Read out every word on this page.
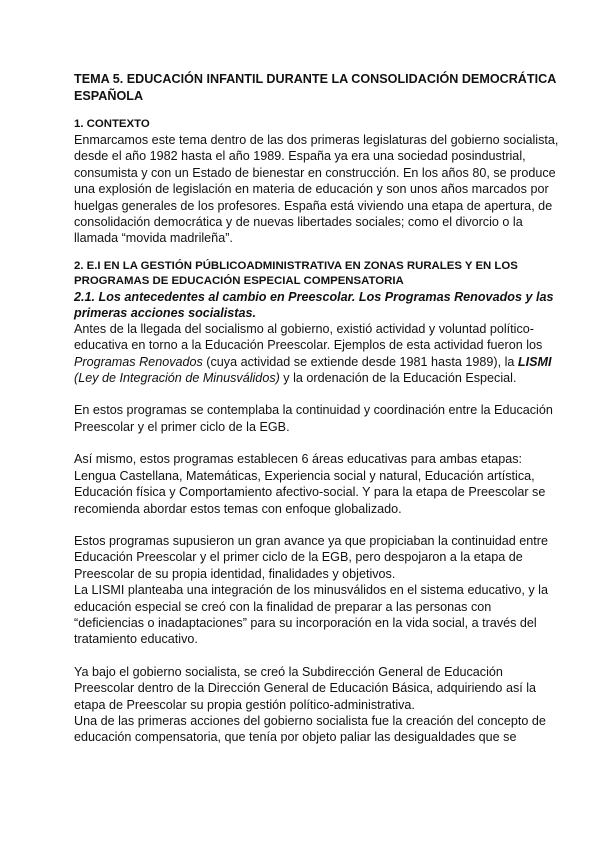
TEMA 5. EDUCACIÓN INFANTIL DURANTE LA CONSOLIDACIÓN DEMOCRÁTICA ESPAÑOLA
1. CONTEXTO

Enmarcamos este tema dentro de las dos primeras legislaturas del gobierno socialista, desde el año 1982 hasta el año 1989. España ya era una sociedad posindustrial, consumista y con un Estado de bienestar en construcción. En los años 80, se produce una explosión de legislación en materia de educación y son unos años marcados por huelgas generales de los profesores. España está viviendo una etapa de apertura, de consolidación democrática y de nuevas libertades sociales; como el divorcio o la llamada “movida madrileña”.

2. E.I EN LA GESTIÓN PÚBLICOADMINISTRATIVA EN ZONAS RURALES Y EN LOS PROGRAMAS DE EDUCACIÓN ESPECIAL COMPENSATORIA
2.1. Los antecedentes al cambio en Preescolar. Los Programas Renovados y las primeras acciones socialistas.

Antes de la llegada del socialismo al gobierno, existió actividad y voluntad político-educativa en torno a la Educación Preescolar. Ejemplos de esta actividad fueron los Programas Renovados (cuya actividad se extiende desde 1981 hasta 1989), la LISMI (Ley de Integración de Minusválidos) y la ordenación de la Educación Especial.

En estos programas se contemplaba la continuidad y coordinación entre la Educación Preescolar y el primer ciclo de la EGB.

Así mismo, estos programas establecen 6 áreas educativas para ambas etapas: Lengua Castellana, Matemáticas, Experiencia social y natural, Educación artística, Educación física y Comportamiento afectivo-social. Y para la etapa de Preescolar se recomienda abordar estos temas con enfoque globalizado.

Estos programas supusieron un gran avance ya que propiciaban la continuidad entre Educación Preescolar y el primer ciclo de la EGB, pero despojaron a la etapa de Preescolar de su propia identidad, finalidades y objetivos.

La LISMI planteaba una integración de los minusválidos en el sistema educativo, y la educación especial se creó con la finalidad de preparar a las personas con “deficiencias o inadaptaciones” para su incorporación en la vida social, a través del tratamiento educativo.

Ya bajo el gobierno socialista, se creó la Subdirección General de Educación Preescolar dentro de la Dirección General de Educación Básica, adquiriendo así la etapa de Preescolar su propia gestión político-administrativa.

Una de las primeras acciones del gobierno socialista fue la creación del concepto de educación compensatoria, que tenía por objeto paliar las desigualdades que se
